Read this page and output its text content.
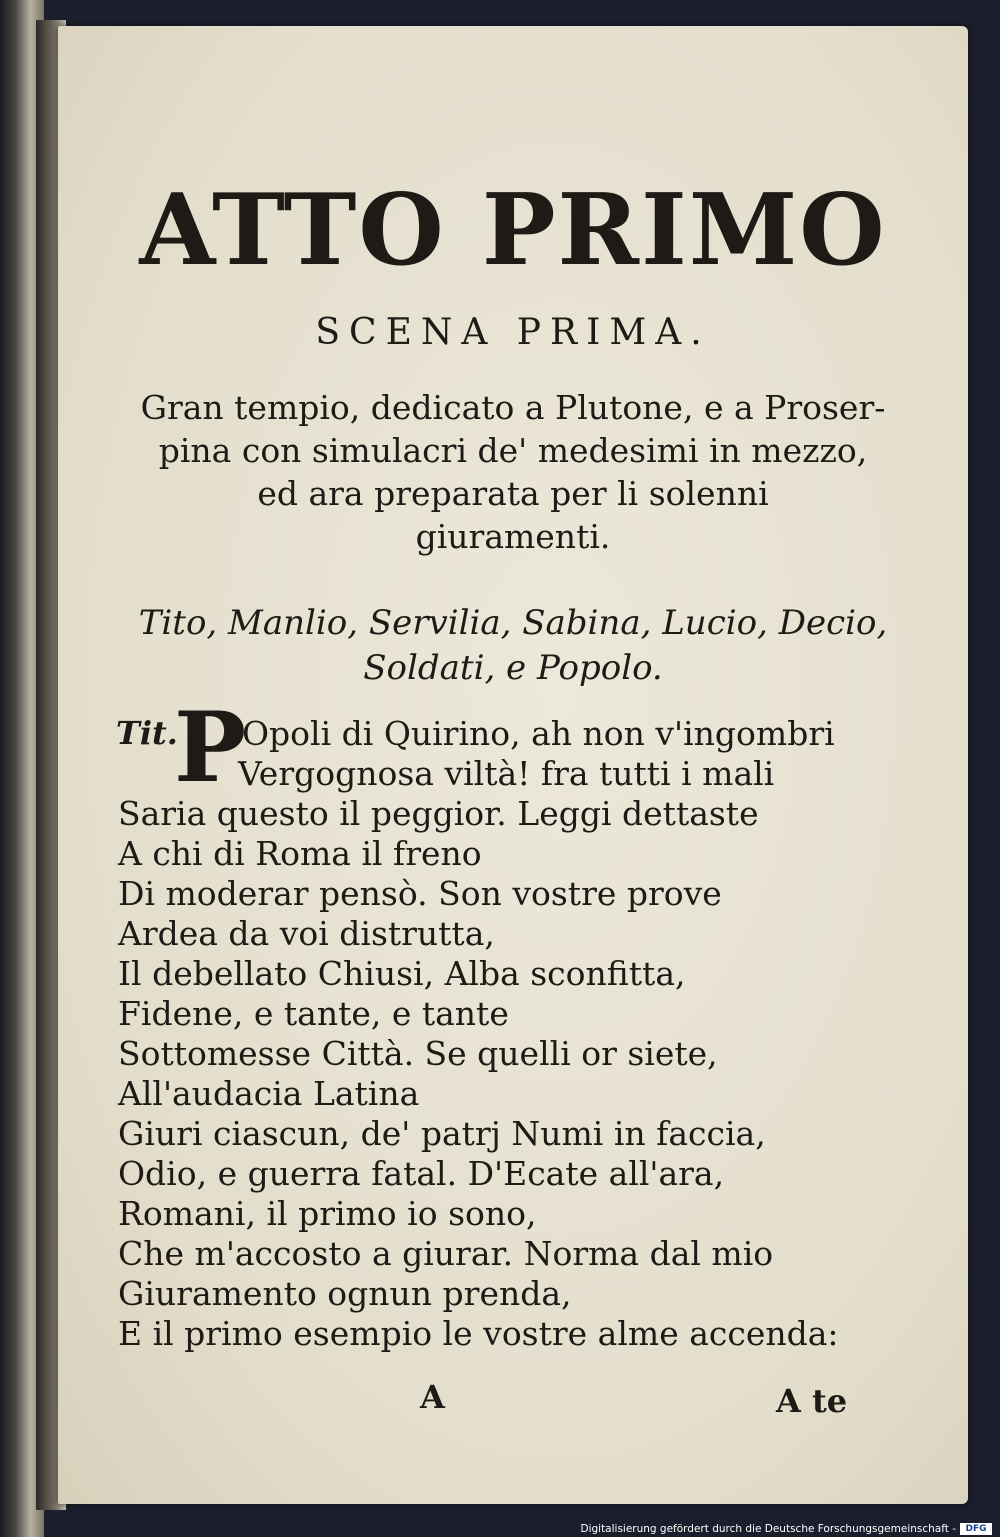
ATTO PRIMO
SCENA PRIMA.
Gran tempio, dedicato a Plutone, e a Proser-
pina con simulacri de' medesimi in mezzo,
ed ara preparata per li solenni
giuramenti.
Tito, Manlio, Servilia, Sabina, Lucio, Decio,
Soldati, e Popolo.
Tit.
P
Opoli di Quirino, ah non v'ingombri
Vergognosa viltà! fra tutti i mali
Saria questo il peggior. Leggi dettaste
A chi di Roma il freno
Di moderar pensò. Son vostre prove
Ardea da voi distrutta,
Il debellato Chiusi, Alba sconfitta,
Fidene, e tante, e tante
Sottomesse Città. Se quelli or siete,
All'audacia Latina
Giuri ciascun, de' patrj Numi in faccia,
Odio, e guerra fatal. D'Ecate all'ara,
Romani, il primo io sono,
Che m'accosto a giurar. Norma dal mio
Giuramento ognun prenda,
E il primo esempio le vostre alme accenda:
A	A te
Digitalisierung gefördert durch die Deutsche Forschungsgemeinschaft -	DFG
